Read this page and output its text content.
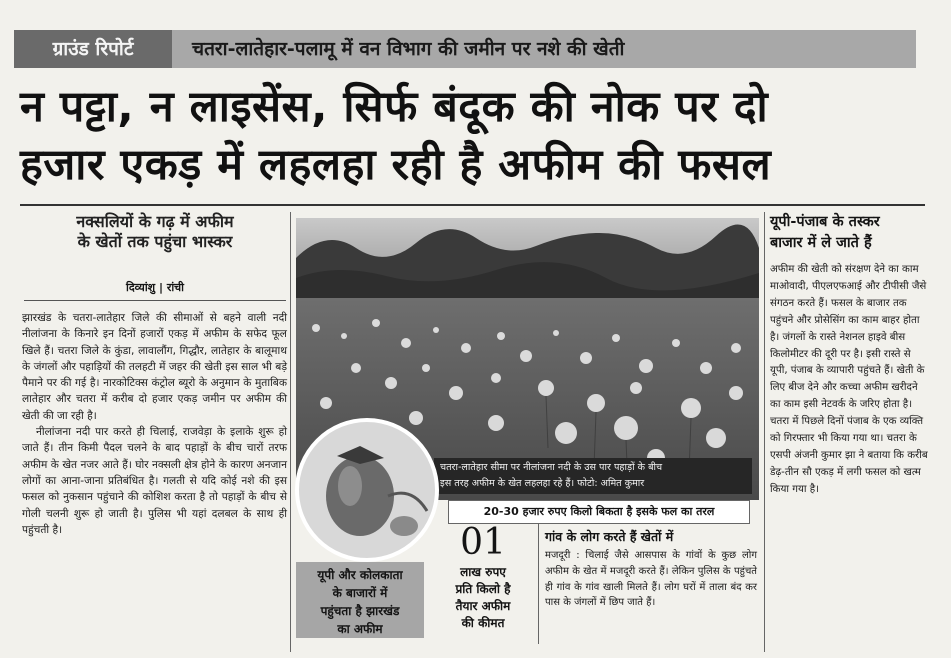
ग्राउंड रिपोर्ट	चतरा-लातेहार-पलामू में वन विभाग की जमीन पर नशे की खेती
न पट्टा, न लाइसेंस, सिर्फ बंदूक की नोक पर दो
हजार एकड़ में लहलहा रही है अफीम की फसल
नक्सलियों के गढ़ में अफीम
के खेतों तक पहुंचा भास्कर
दिव्यांशु | रांची

झारखंड के चतरा-लातेहार जिले की सीमाओं से बहने वाली नदी नीलांजना के किनारे इन दिनों हजारों एकड़ में अफीम के सफेद फूल खिले हैं। चतरा जिले के कुंडा, लावालौंग, गिद्धौर, लातेहार के बालूमाथ के जंगलों और पहाड़ियों की तलहटी में जहर की खेती इस साल भी बड़े पैमाने पर की गई है। नारकोटिक्स कंट्रोल ब्यूरो के अनुमान के मुताबिक लातेहार और चतरा में करीब दो हजार एकड़ जमीन पर अफीम की खेती की जा रही है।

नीलांजना नदी पार करते ही चिलाई, राजवेड़ा के इलाके शुरू हो जाते हैं। तीन किमी पैदल चलने के बाद पहाड़ों के बीच चारों तरफ अफीम के खेत नजर आते हैं। घोर नक्सली क्षेत्र होने के कारण अनजान लोगों का आना-जाना प्रतिबंधित है। गलती से यदि कोई नशे की इस फसल को नुकसान पहुंचाने की कोशिश करता है तो पहाड़ों के बीच से गोली चलनी शुरू हो जाती है। पुलिस भी यहां दलबल के साथ ही पहुंचती है।

चतरा-लातेहार सीमा पर नीलांजना नदी के उस पार पहाड़ों के बीच
इस तरह अफीम के खेत लहलहा रहे हैं। फोटो: अमित कुमार
20-30 हजार रुपए किलो बिकता है इसके फल का तरल
यूपी और कोलकाता
के बाजारों में
पहुंचता है झारखंड
का अफीम
01
लाख रुपए
प्रति किलो है
तैयार अफीम
की कीमत
गांव के लोग करते हैं खेतों में
मजदूरी : चिलाई जैसे आसपास के गांवों के कुछ लोग अफीम के खेत में मजदूरी करते हैं। लेकिन पुलिस के पहुंचते ही गांव के गांव खाली मिलते हैं। लोग घरों में ताला बंद कर पास के जंगलों में छिप जाते हैं।
यूपी-पंजाब के तस्कर
बाजार में ले जाते हैं
अफीम की खेती को संरक्षण देने का काम माओवादी, पीएलएफआई और टीपीसी जैसे संगठन करते हैं। फसल के बाजार तक पहुंचने और प्रोसेसिंग का काम बाहर होता है। जंगलों के रास्ते नेशनल हाइवे बीस किलोमीटर की दूरी पर है। इसी रास्ते से यूपी, पंजाब के व्यापारी पहुंचते हैं। खेती के लिए बीज देने और कच्चा अफीम खरीदने का काम इसी नेटवर्क के जरिए होता है। चतरा में पिछले दिनों पंजाब के एक व्यक्ति को गिरफ्तार भी किया गया था। चतरा के एसपी अंजनी कुमार झा ने बताया कि करीब डेढ़-तीन सौ एकड़ में लगी फसल को खत्म किया गया है।
